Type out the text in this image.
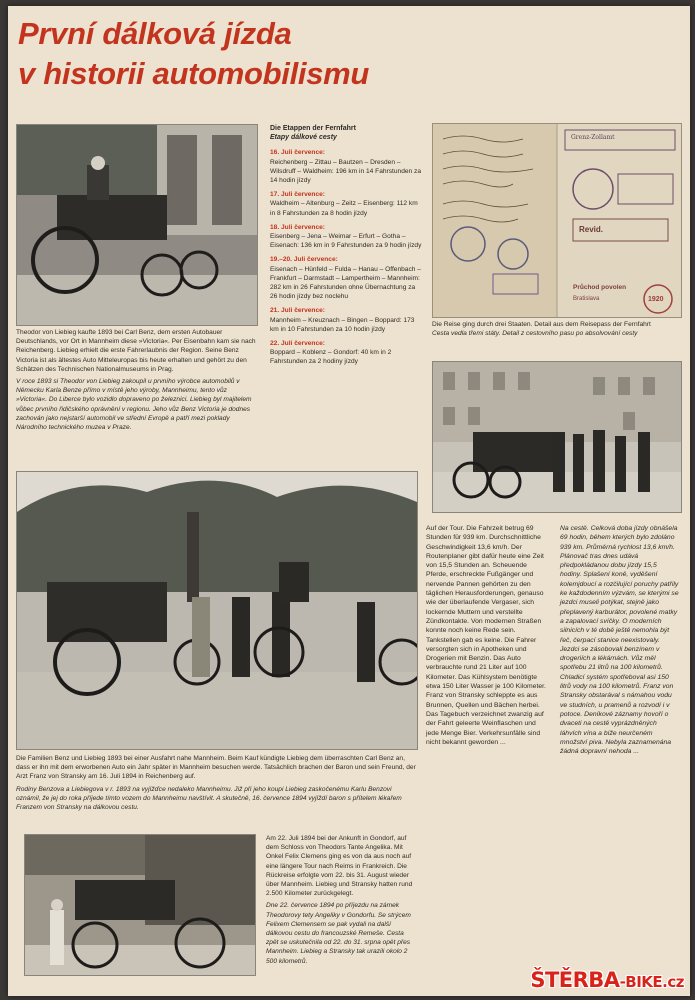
První dálková jízda
v historii automobilismu

Theodor von Liebieg kaufte 1893 bei Carl Benz, dem ersten Autobauer Deutschlands, vor Ort in Mannheim diese »Victoria«. Per Eisenbahn kam sie nach Reichenberg. Liebieg erhielt die erste Fahrerlaubnis der Region. Seine Benz Victoria ist als ältestes Auto Mitteleuropas bis heute erhalten und gehört zu den Schätzen des Technischen Nationalmuseums in Prag.

V roce 1893 si Theodor von Liebieg zakoupil u prvního výrobce automobilů v Německu Karla Benze přímo v místě jeho výroby, Mannheimu, tento vůz »Victoria«. Do Liberce bylo vozidlo dopraveno po železnici. Liebieg byl majitelem vůbec prvního řidičského oprávnění v regionu. Jeho vůz Benz Victoria je dodnes zachován jako nejstarší automobil ve střední Evropě a patří mezi poklady Národního technického muzea v Praze.

Die Etappen der Fernfahrt
Etapy dálkové cesty
16. Juli července:
Reichenberg – Zittau – Bautzen – Dresden – Wilsdruff – Waldheim: 196 km in 14 Fahrstunden za 14 hodin jízdy
17. Juli července:
Waldheim – Altenburg – Zeitz – Eisenberg: 112 km in 8 Fahrstunden za 8 hodin jízdy
18. Juli července:
Eisenberg – Jena – Weimar – Erfurt – Gotha – Eisenach: 136 km in 9 Fahrstunden za 9 hodin jízdy
19.–20. Juli července:
Eisenach – Hünfeld – Fulda – Hanau – Offenbach – Frankfurt – Darmstadt – Lampertheim – Mannheim: 282 km in 26 Fahrstunden ohne Übernachtung za 26 hodin jízdy bez noclehu
21. Juli července:
Mannheim – Kreuznach – Bingen – Boppard: 173 km in 10 Fahrstunden za 10 hodin jízdy
22. Juli července:
Boppard – Koblenz – Gondorf: 40 km in 2 Fahrstunden za 2 hodiny jízdy
Grenz-Zollamt
Revid.
Průchod povolen
Bratislava	1920

Die Reise ging durch drei Staaten. Detail aus dem Reisepass der Fernfahrt

Cesta vedla třemi státy. Detail z cestovního pasu po absolvování cesty

Die Familien Benz und Liebieg 1893 bei einer Ausfahrt nahe Mannheim. Beim Kauf kündigte Liebieg dem überraschten Carl Benz an, dass er ihn mit dem erworbenen Auto ein Jahr später in Mannheim besuchen werde. Tatsächlich brachen der Baron und sein Freund, der Arzt Franz von Stransky am 16. Juli 1894 in Reichenberg auf.

Rodiny Benzova a Liebiegova v r. 1893 na vyjížďce nedaleko Mannheimu. Již při jeho koupi Liebieg zaskočenému Karlu Benzovi oznámil, že jej do roka příjede tímto vozem do Mannheimu navštívit. A skutečně, 16. července 1894 vyjíždí baron s přítelem lékařem Franzem von Stransky na dálkovou cestu.

Auf der Tour. Die Fahrzeit betrug 69 Stunden für 939 km. Durchschnittliche Geschwindigkeit 13,6 km/h. Der Routenplaner gibt dafür heute eine Zeit von 15,5 Stunden an. Scheuende Pferde, erschreckte Fußgänger und nervende Pannen gehörten zu den täglichen Herausforderungen, genauso wie der überlaufende Vergaser, sich lockernde Muttern und verstellte Zündkontakte. Von modernen Straßen konnte noch keine Rede sein. Tankstellen gab es keine. Die Fahrer versorgten sich in Apotheken und Drogerien mit Benzin. Das Auto verbrauchte rund 21 Liter auf 100 Kilometer. Das Kühlsystem benötigte etwa 150 Liter Wasser je 100 Kilometer. Franz von Stransky schleppte es aus Brunnen, Quellen und Bächen herbei. Das Tagebuch verzeichnet zwanzig auf der Fahrt geleerte Weinflaschen und jede Menge Bier. Verkehrsunfälle sind nicht bekannt geworden ...

Na cestě. Celková doba jízdy obnášela 69 hodin, během kterých bylo zdoláno 939 km. Průměrná rychlost 13,6 km/h. Plánovač tras dnes udává předpokládanou dobu jízdy 15,5 hodiny. Splašení koně, vyděšení kolemjdoucí a rozčilující poruchy patřily ke každodenním výzvám, se kterými se jezdci museli potýkat, stejně jako přeplavený karburátor, povolené matky a zapalovací svíčky. O moderních silnicích v té době ještě nemohla být řeč, čerpací stanice neexistovaly. Jezdci se zásobovali benzínem v drogeriích a lékárnách. Vůz měl spotřebu 21 litrů na 100 kilometrů. Chladicí systém spotřeboval asi 150 litrů vody na 100 kilometrů. Franz von Stransky obstarával s námahou vodu ve studních, u pramenů a rozvodí i v potoce. Deníkové záznamy hovoří o dvaceti na cestě vyprázdněných láhvích vína a bíže neurčeném množství piva. Nebyla zaznamenána žádná dopravní nehoda ...

Am 22. Juli 1894 bei der Ankunft in Gondorf, auf dem Schloss von Theodors Tante Angelika. Mit Onkel Felix Clemens ging es von da aus noch auf eine längere Tour nach Reims in Frankreich. Die Rückreise erfolgte vom 22. bis 31. August wieder über Mannheim. Liebieg und Stransky hatten rund 2.500 Kilometer zurückgelegt.

Dne 22. července 1894 po příjezdu na zámek Theodorovy tety Angeliky v Gondorfu. Se strýcem Felixem Clemensem se pak vydali na další dálkovou cestu do francouzské Remeše. Cesta zpět se uskutečnila od 22. do 31. srpna opět přes Mannheim. Liebieg a Stransky tak urazili okolo 2 500 kilometrů.

ŠTĚRBA-BIKE.cz
